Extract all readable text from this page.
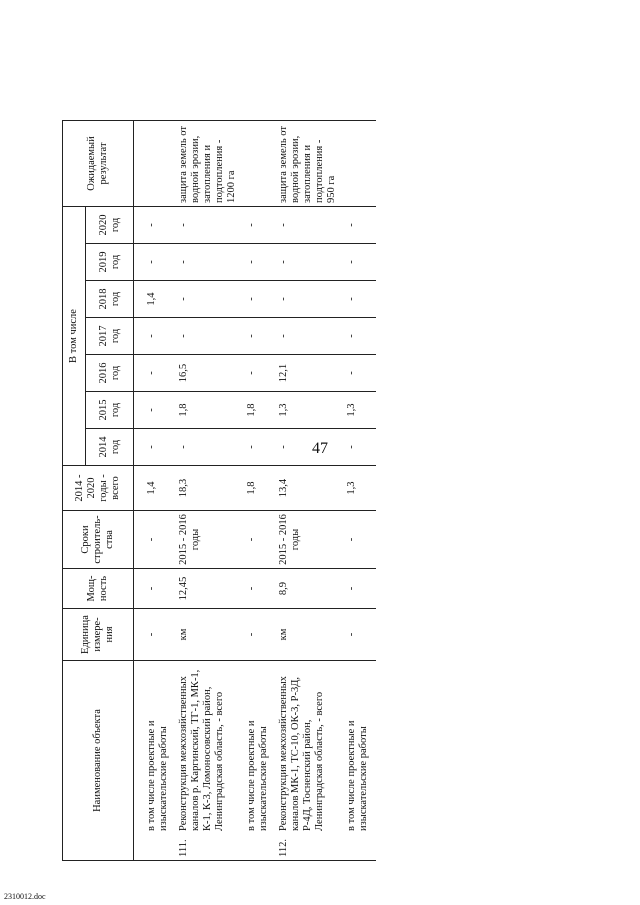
47
Наименование объекта	Единица измере-ния	Мощ-ность	Сроки строитель-ства	2014 - 2020 годы - всего	В том числе							Ожидаемый результат
					2014 год	2015 год	2016 год	2017 год	2018 год	2019 год	2020 год	

в том числе проектные и изыскательские работы	-	-	-	1,4	-	-	-	-	1,4	-	-	

111.
Реконструкция межхозяйственных каналов р. Каргинский, ТГ-1, МК-1, К-1, К-3, Ломоносовский район, Ленинградская область, - всего	км	12,45	2015 - 2016 годы	18,3	-	1,8	16,5	-	-	-	-	защита земель от водной эрозии, затопления и подтопления - 1200 га

в том числе проектные и изыскательские работы	-	-	-	1,8	-	1,8	-	-	-	-	-	

112.
Реконструкция межхозяйственных каналов МК-1, ТС-10, ОК-3, Р-3Д, Р-4Д, Тосненский район, Ленинградская область, - всего	км	8,9	2015 - 2016 годы	13,4	-	1,3	12,1	-	-	-	-	защита земель от водной эрозии, затопления и подтопления - 950 га

в том числе проектные и изыскательские работы	-	-	-	1,3	-	1,3	-	-	-	-	-	
2310012.doc
